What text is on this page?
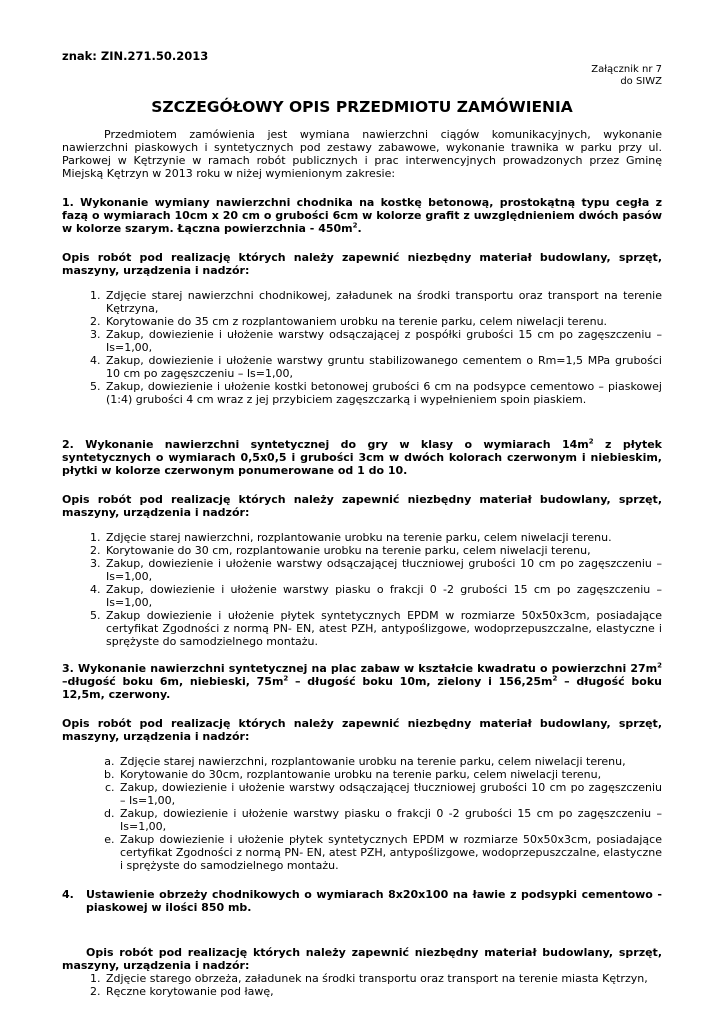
znak: ZIN.271.50.2013
Załącznik nr 7
do SIWZ
SZCZEGÓŁOWY OPIS PRZEDMIOTU ZAMÓWIENIA

Przedmiotem zamówienia jest wymiana nawierzchni ciągów komunikacyjnych, wykonanie nawierzchni piaskowych i syntetycznych pod zestawy zabawowe, wykonanie trawnika w parku przy ul. Parkowej w Kętrzynie w ramach robót publicznych i prac interwencyjnych prowadzonych przez Gminę Miejską Kętrzyn w 2013 roku w niżej wymienionym zakresie:

1. Wykonanie wymiany nawierzchni chodnika na kostkę betonową, prostokątną typu cegła z fazą o wymiarach 10cm x 20 cm o grubości 6cm w kolorze grafit z uwzględnieniem dwóch pasów w kolorze szarym. Łączna powierzchnia - $450m^2$.

Opis robót pod realizację których należy zapewnić niezbędny materiał budowlany, sprzęt, maszyny, urządzenia i nadzór:

1. Zdjęcie starej nawierzchni chodnikowej, załadunek na środki transportu oraz transport na terenie Kętrzyna,
2. Korytowanie do 35 cm z rozplantowaniem urobku na terenie parku, celem niwelacji terenu.
3. Zakup, dowiezienie i ułożenie warstwy odsączającej z pospółki grubości 15 cm po zagęszczeniu – Is=1,00,
4. Zakup, dowiezienie i ułożenie warstwy gruntu stabilizowanego cementem o Rm=1,5 MPa grubości 10 cm po zagęszczeniu – Is=1,00,
5. Zakup, dowiezienie i ułożenie kostki betonowej grubości 6 cm na podsypce cementowo – piaskowej (1:4) grubości 4 cm wraz z jej przybiciem zagęszczarką i wypełnieniem spoin piaskiem.

2. Wykonanie nawierzchni syntetycznej do gry w klasy o wymiarach $14m^2$ z płytek syntetycznych o wymiarach 0,5x0,5 i grubości 3cm w dwóch kolorach czerwonym i niebieskim, płytki w kolorze czerwonym ponumerowane od 1 do 10.

Opis robót pod realizację których należy zapewnić niezbędny materiał budowlany, sprzęt, maszyny, urządzenia i nadzór:

1. Zdjęcie starej nawierzchni, rozplantowanie urobku na terenie parku, celem niwelacji terenu.
2. Korytowanie do 30 cm, rozplantowanie urobku na terenie parku, celem niwelacji terenu,
3. Zakup, dowiezienie i ułożenie warstwy odsączającej tłuczniowej grubości 10 cm po zagęszczeniu – Is=1,00,
4. Zakup, dowiezienie i ułożenie warstwy piasku o frakcji 0 -2 grubości 15 cm po zagęszczeniu – Is=1,00,
5. Zakup dowiezienie i ułożenie płytek syntetycznych EPDM w rozmiarze 50x50x3cm, posiadające certyfikat Zgodności z normą PN- EN, atest PZH, antypoślizgowe, wodoprzepuszczalne, elastyczne i sprężyste do samodzielnego montażu.

3. Wykonanie nawierzchni syntetycznej na plac zabaw w kształcie kwadratu o powierzchni $27m^2$ –długość boku 6m, niebieski, $75m^2$ – długość boku 10m, zielony i $156,25m^2$ – długość boku 12,5m, czerwony.

Opis robót pod realizację których należy zapewnić niezbędny materiał budowlany, sprzęt, maszyny, urządzenia i nadzór:

a. Zdjęcie starej nawierzchni, rozplantowanie urobku na terenie parku, celem niwelacji terenu,
b. Korytowanie do 30cm, rozplantowanie urobku na terenie parku, celem niwelacji terenu,
c. Zakup, dowiezienie i ułożenie warstwy odsączającej tłuczniowej grubości 10 cm po zagęszczeniu – Is=1,00,
d. Zakup, dowiezienie i ułożenie warstwy piasku o frakcji 0 -2 grubości 15 cm po zagęszczeniu – Is=1,00,
e. Zakup dowiezienie i ułożenie płytek syntetycznych EPDM w rozmiarze 50x50x3cm, posiadające certyfikat Zgodności z normą PN- EN, atest PZH, antypoślizgowe, wodoprzepuszczalne, elastyczne i sprężyste do samodzielnego montażu.
4.	Ustawienie obrzeży chodnikowych o wymiarach 8x20x100 na ławie z podsypki cementowo - piaskowej w ilości 850 mb.

Opis robót pod realizację których należy zapewnić niezbędny materiał budowlany, sprzęt, maszyny, urządzenia i nadzór:

1. Zdjęcie starego obrzeża, załadunek na środki transportu oraz transport na terenie miasta Kętrzyn,
2. Ręczne korytowanie pod ławę,
